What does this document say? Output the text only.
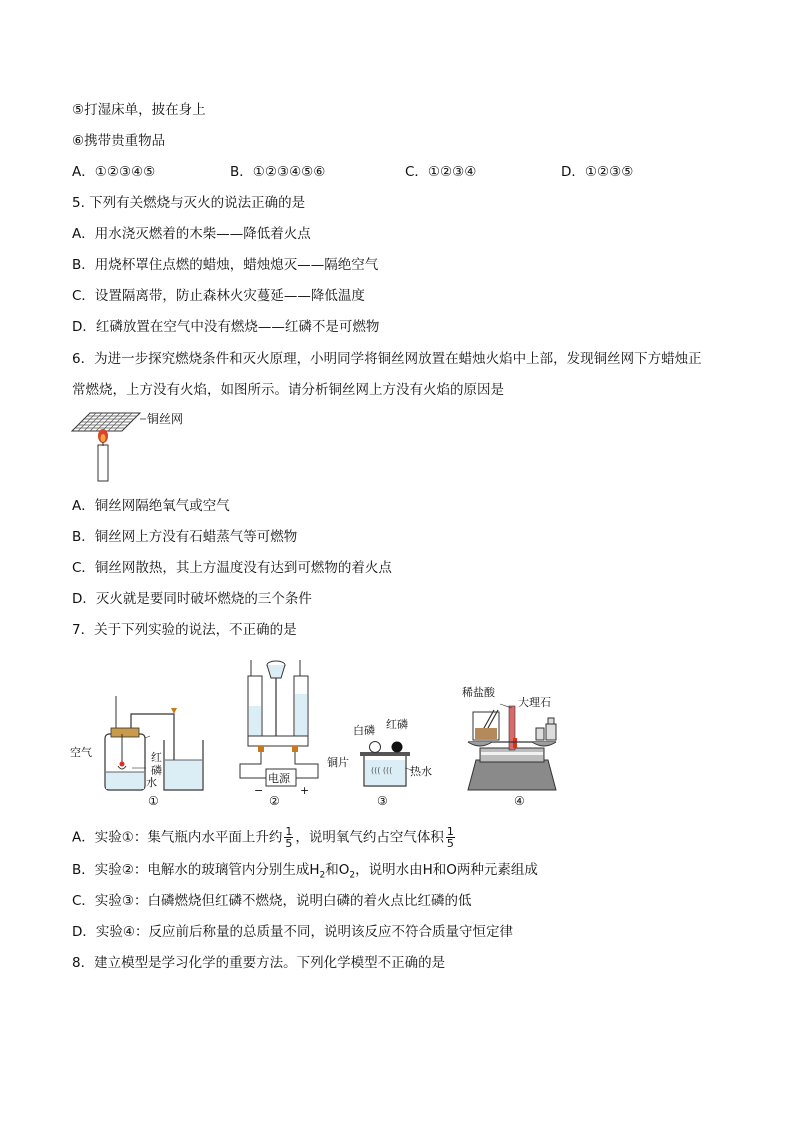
⑤打湿床单，披在身上
⑥携带贵重物品
A．①②③④⑤	B．①②③④⑤⑥	C．①②③④	D．①②③⑤
5. 下列有关燃烧与灭火的说法正确的是
A．用水浇灭燃着的木柴——降低着火点
B．用烧杯罩住点燃的蜡烛，蜡烛熄灭——隔绝空气
C．设置隔离带，防止森林火灾蔓延——降低温度
D．红磷放置在空气中没有燃烧——红磷不是可燃物
6．为进一步探究燃烧条件和灭火原理，小明同学将铜丝网放置在蜡烛火焰中上部，发现铜丝网下方蜡烛正
常燃烧，上方没有火焰，如图所示。请分析铜丝网上方没有火焰的原因是
铜丝网
A．铜丝网隔绝氧气或空气
B．铜丝网上方没有石蜡蒸气等可燃物
C．铜丝网散热，其上方温度没有达到可燃物的着火点
D．灭火就是要同时破坏燃烧的三个条件
7．关于下列实验的说法，不正确的是
空气	红
磷
水
①
电源
−	+
②
((( (((
白磷 红磷
铜片
热水
③
稀盐酸
大理石
④
A．实验①：集气瓶内水平面上升约 $\frac{1}{5}$ ，说明氧气约占空气体积 $\frac{1}{5}$
B．实验②：电解水的玻璃管内分别生成$H_2$和$O_2$，说明水由H和O两种元素组成
C．实验③：白磷燃烧但红磷不燃烧，说明白磷的着火点比红磷的低
D．实验④：反应前后称量的总质量不同，说明该反应不符合质量守恒定律
8．建立模型是学习化学的重要方法。下列化学模型不正确的是
